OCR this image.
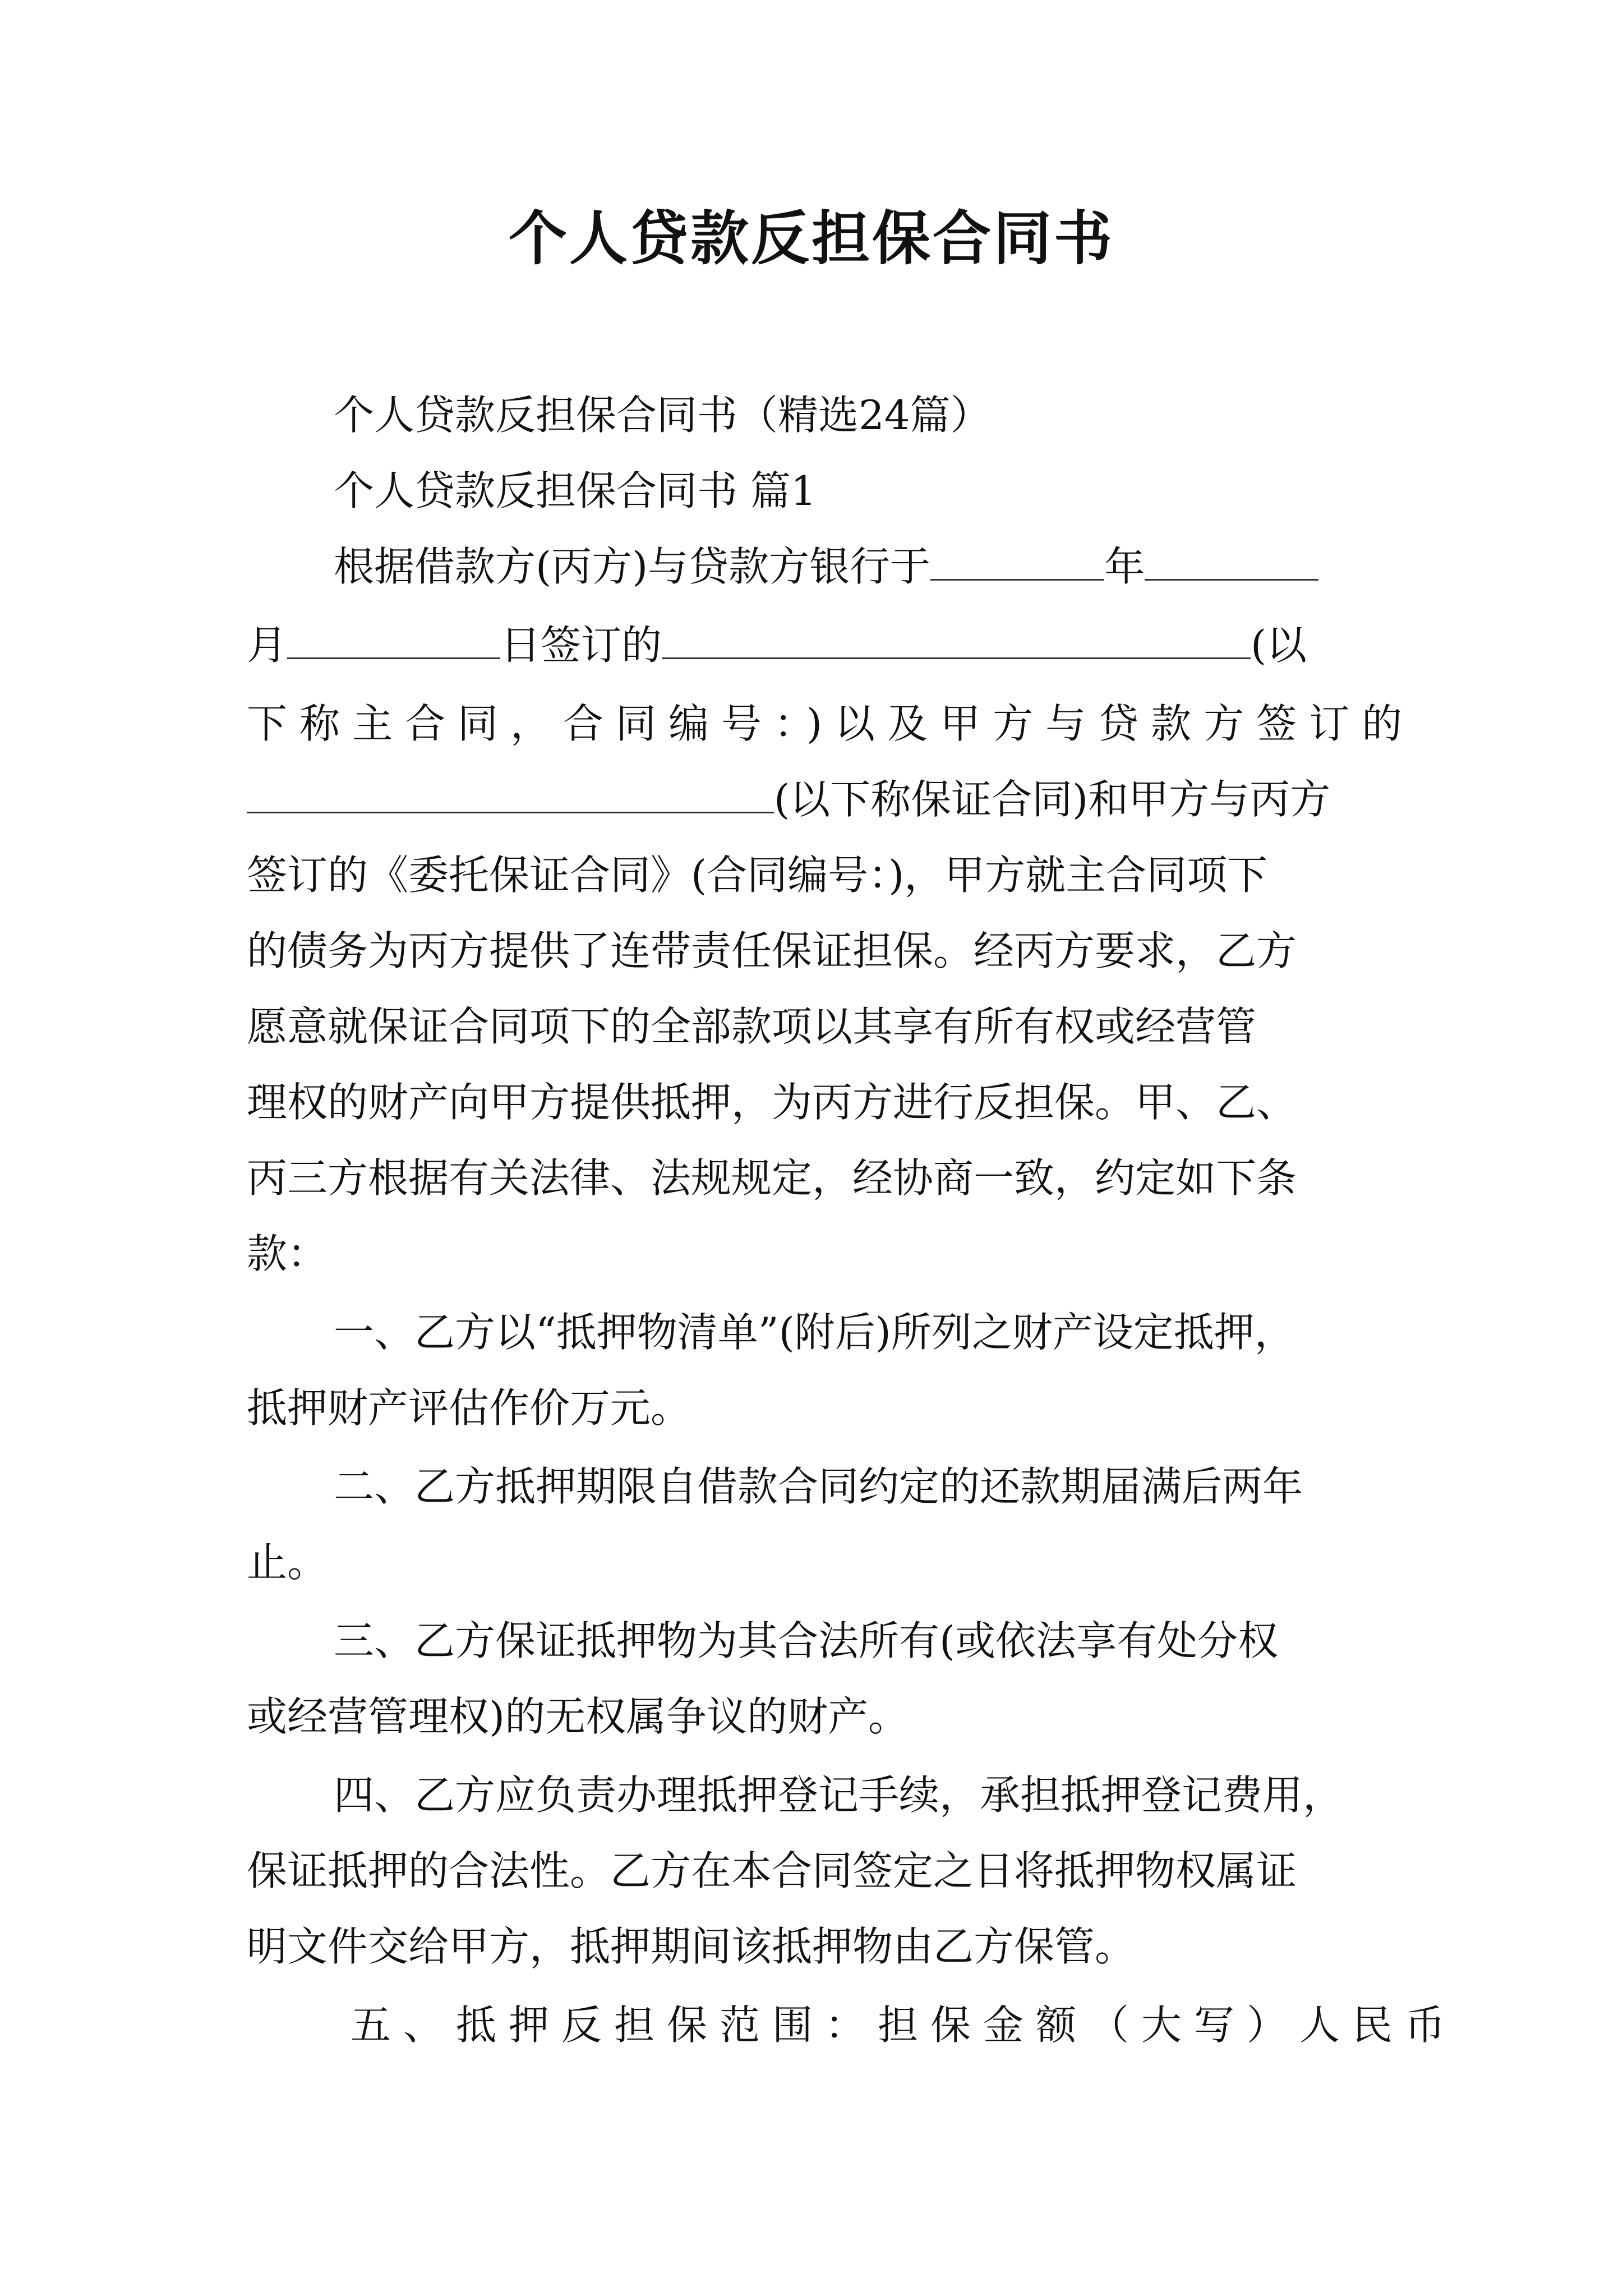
个人贷款反担保合同书
个人贷款反担保合同书（精选24篇）
个人贷款反担保合同书 篇1
根据借款方(丙方)与贷款方银行于	年
月	日签订的	(以
下称主合同，合同编号：)以及甲方与贷款方签订的
(以下称保证合同)和甲方与丙方
签订的《委托保证合同》(合同编号：)，甲方就主合同项下
的债务为丙方提供了连带责任保证担保。经丙方要求，乙方
愿意就保证合同项下的全部款项以其享有所有权或经营管
理权的财产向甲方提供抵押，为丙方进行反担保。甲、乙、
丙三方根据有关法律、法规规定，经协商一致，约定如下条
款：
一、乙方以“抵押物清单”(附后)所列之财产设定抵押，
抵押财产评估作价万元。
二、乙方抵押期限自借款合同约定的还款期届满后两年
止。
三、乙方保证抵押物为其合法所有(或依法享有处分权
或经营管理权)的无权属争议的财产。
四、乙方应负责办理抵押登记手续，承担抵押登记费用，
保证抵押的合法性。乙方在本合同签定之日将抵押物权属证
明文件交给甲方，抵押期间该抵押物由乙方保管。
五、抵押反担保范围：担保金额（大写）人民币
